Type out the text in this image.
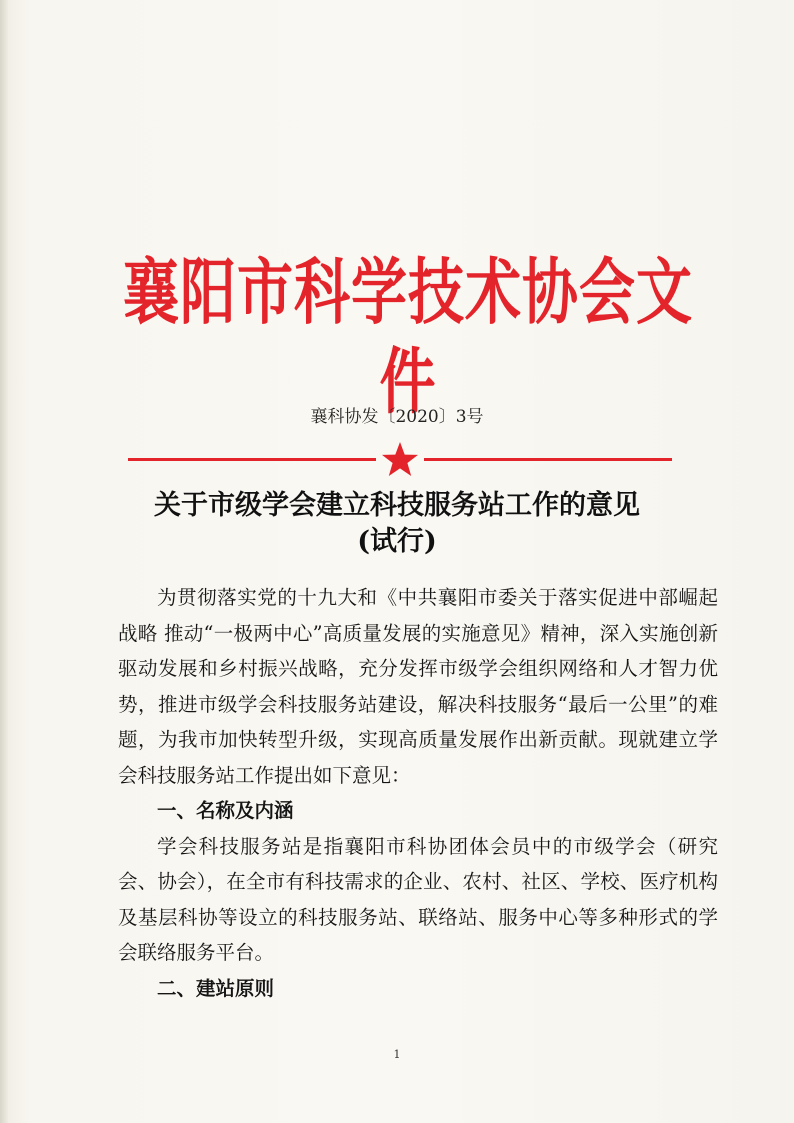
襄阳市科学技术协会文件
襄科协发〔2020〕3号
关于市级学会建立科技服务站工作的意见
(试行)

为贯彻落实党的十九大和《中共襄阳市委关于落实促进中部崛起战略 推动“一极两中心”高质量发展的实施意见》精神，深入实施创新驱动发展和乡村振兴战略，充分发挥市级学会组织网络和人才智力优势，推进市级学会科技服务站建设，解决科技服务“最后一公里”的难题，为我市加快转型升级，实现高质量发展作出新贡献。现就建立学会科技服务站工作提出如下意见：

一、名称及内涵

学会科技服务站是指襄阳市科协团体会员中的市级学会（研究会、协会），在全市有科技需求的企业、农村、社区、学校、医疗机构及基层科协等设立的科技服务站、联络站、服务中心等多种形式的学会联络服务平台。

二、建站原则
1
